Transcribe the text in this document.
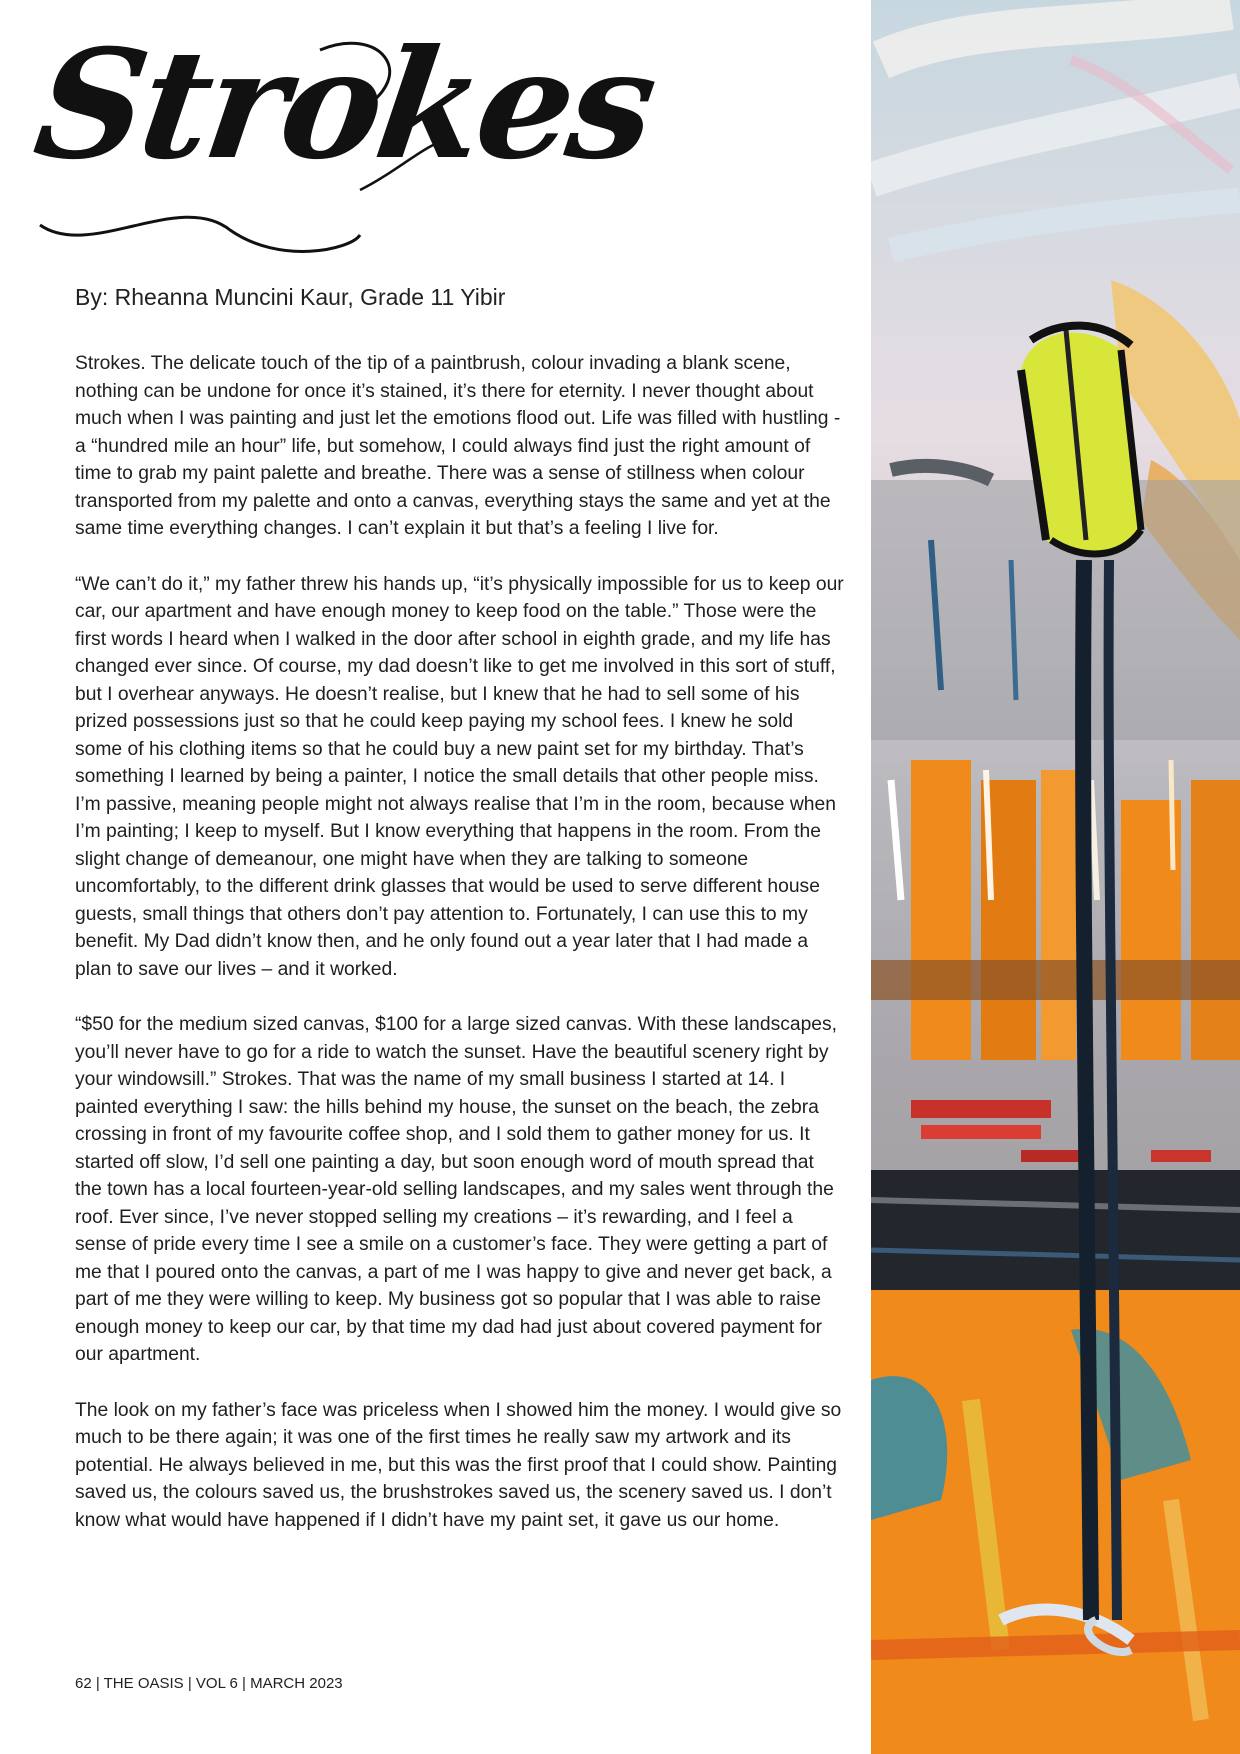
Strokes
By: Rheanna Muncini Kaur, Grade 11 Yibir

Strokes. The delicate touch of the tip of a paintbrush, colour invading a blank scene, nothing can be undone for once it’s stained, it’s there for eternity. I never thought about much when I was painting and just let the emotions flood out. Life was filled with hustling - a “hundred mile an hour” life, but somehow, I could always find just the right amount of time to grab my paint palette and breathe. There was a sense of stillness when colour transported from my palette and onto a canvas, everything stays the same and yet at the same time everything changes. I can’t explain it but that’s a feeling I live for.

“We can’t do it,” my father threw his hands up, “it’s physically impossible for us to keep our car, our apartment and have enough money to keep food on the table.” Those were the first words I heard when I walked in the door after school in eighth grade, and my life has changed ever since. Of course, my dad doesn’t like to get me involved in this sort of stuff, but I overhear anyways. He doesn’t realise, but I knew that he had to sell some of his prized possessions just so that he could keep paying my school fees. I knew he sold some of his clothing items so that he could buy a new paint set for my birthday. That’s something I learned by being a painter, I notice the small details that other people miss. I’m passive, meaning people might not always realise that I’m in the room, because when I’m painting; I keep to myself. But I know everything that happens in the room. From the slight change of demeanour, one might have when they are talking to someone uncomfortably, to the different drink glasses that would be used to serve different house guests, small things that others don’t pay attention to. Fortunately, I can use this to my benefit. My Dad didn’t know then, and he only found out a year later that I had made a plan to save our lives – and it worked.

“$50 for the medium sized canvas, $100 for a large sized canvas. With these landscapes, you’ll never have to go for a ride to watch the sunset. Have the beautiful scenery right by your windowsill.” Strokes. That was the name of my small business I started at 14. I painted everything I saw: the hills behind my house, the sunset on the beach, the zebra crossing in front of my favourite coffee shop, and I sold them to gather money for us. It started off slow, I’d sell one painting a day, but soon enough word of mouth spread that the town has a local fourteen-year-old selling landscapes, and my sales went through the roof. Ever since, I’ve never stopped selling my creations – it’s rewarding, and I feel a sense of pride every time I see a smile on a customer’s face. They were getting a part of me that I poured onto the canvas, a part of me I was happy to give and never get back, a part of me they were willing to keep. My business got so popular that I was able to raise enough money to keep our car, by that time my dad had just about covered payment for our apartment.

The look on my father’s face was priceless when I showed him the money. I would give so much to be there again; it was one of the first times he really saw my artwork and its potential. He always believed in me, but this was the first proof that I could show. Painting saved us, the colours saved us, the brushstrokes saved us, the scenery saved us. I don’t know what would have happened if I didn’t have my paint set, it gave us our home.

62 | THE OASIS | VOL 6 | MARCH 2023
